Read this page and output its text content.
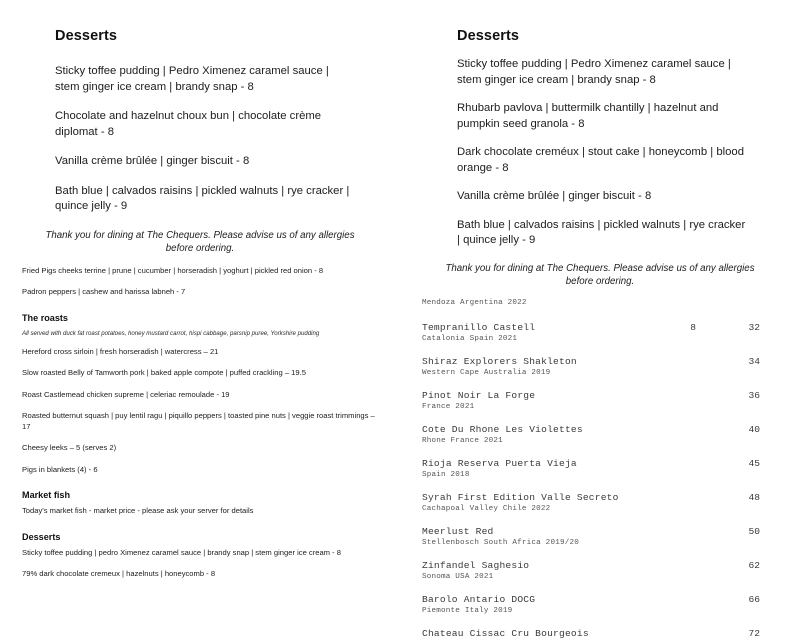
Desserts
Sticky toffee pudding | Pedro Ximenez caramel sauce | stem ginger ice cream | brandy snap - 8
Chocolate and hazelnut choux bun | chocolate crème diplomat - 8
Vanilla crème brûlée | ginger biscuit - 8
Bath blue | calvados raisins | pickled walnuts | rye cracker | quince jelly - 9
Thank you for dining at The Chequers. Please advise us of any allergies before ordering.
Fried Pigs cheeks terrine | prune | cucumber | horseradish | yoghurt | pickled red onion - 8
Padron peppers | cashew and harissa labneh - 7
The roasts
All served with duck fat roast potatoes, honey mustard carrot, hispi cabbage, parsnip puree, Yorkshire pudding
Hereford cross sirloin | fresh horseradish | watercress – 21
Slow roasted Belly of Tamworth pork | baked apple compote | puffed crackling – 19.5
Roast Castlemead chicken supreme | celeriac remoulade - 19
Roasted butternut squash | puy lentil ragu | piquillo peppers | toasted pine nuts | veggie roast trimmings – 17
Cheesy leeks – 5 (serves 2)
Pigs in blankets (4) - 6
Market fish
Today's market fish - market price - please ask your server for details
Desserts
Sticky toffee pudding | pedro Ximenez caramel sauce | brandy snap | stem ginger ice cream - 8
79% dark chocolate cremeux | hazelnuts | honeycomb - 8
Desserts
Sticky toffee pudding | Pedro Ximenez caramel sauce | stem ginger ice cream | brandy snap - 8
Rhubarb pavlova | buttermilk chantilly | hazelnut and pumpkin seed granola - 8
Dark chocolate creméux | stout cake | honeycomb | blood orange - 8
Vanilla crème brûlée | ginger biscuit - 8
Bath blue | calvados raisins | pickled walnuts | rye cracker | quince jelly - 9
Thank you for dining at The Chequers. Please advise us of any allergies before ordering.
Mendoza Argentina 2022
Tempranillo Castell
Catalonia Spain 2021
8	32
Shiraz Explorers Shakleton
Western Cape Australia 2019
34
Pinot Noir La Forge
France 2021
36
Cote Du Rhone Les Violettes
Rhone France 2021
40
Rioja Reserva Puerta Vieja
Spain 2018
45
Syrah First Edition Valle Secreto
Cachapoal Valley Chile 2022
48
Meerlust Red
Stellenbosch South Africa 2019/20
50
Zinfandel Saghesio
Sonoma USA 2021
62
Barolo Antario DOCG
Piemonte Italy 2019
66
Chateau Cissac Cru Bourgeois	72
